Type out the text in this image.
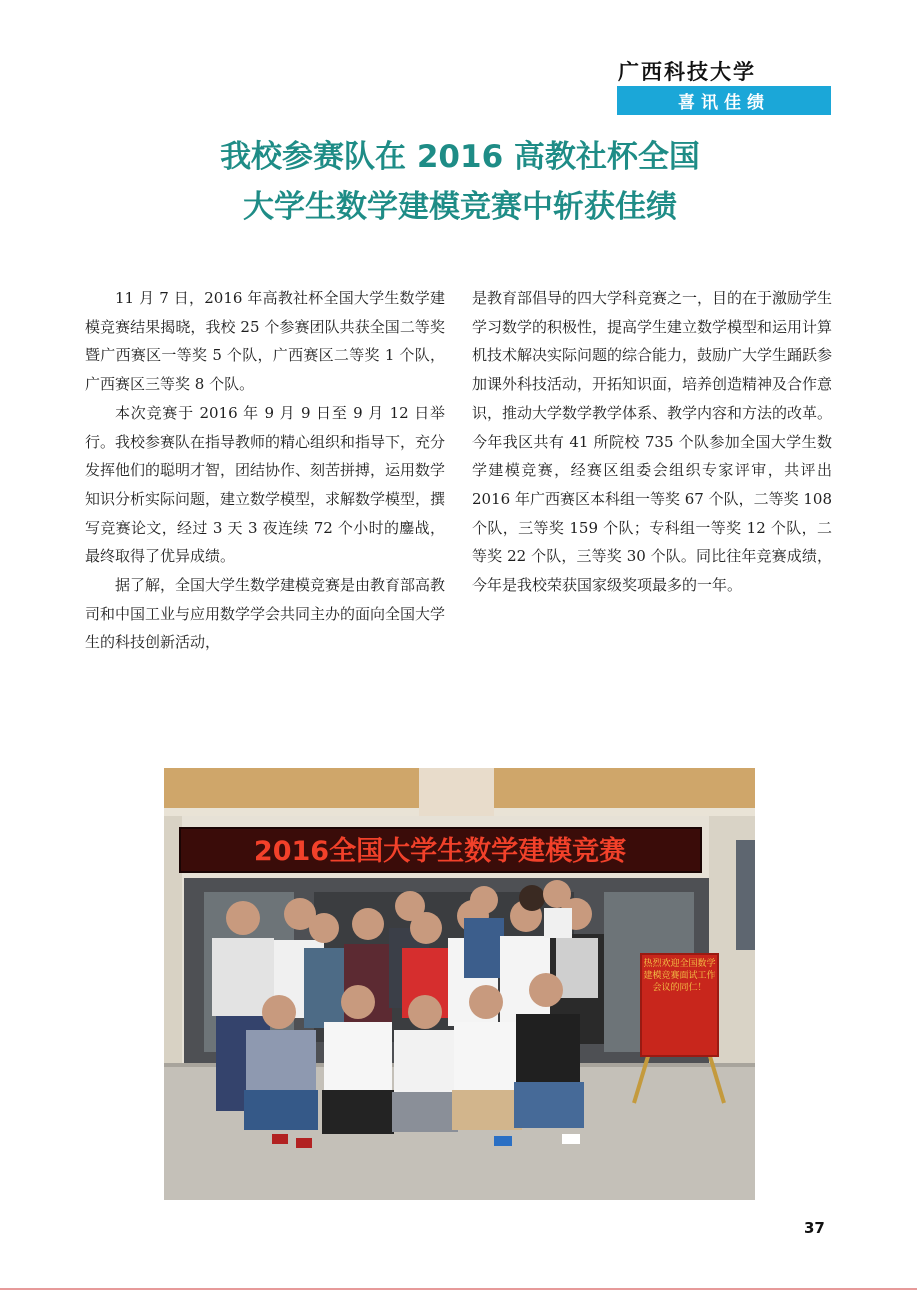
广西科技大学
喜讯佳绩
我校参赛队在 2016 高教社杯全国
大学生数学建模竞赛中斩获佳绩

11 月 7 日，2016 年高教社杯全国大学生数学建模竞赛结果揭晓，我校 25 个参赛团队共获全国二等奖暨广西赛区一等奖 5 个队，广西赛区二等奖 1 个队，广西赛区三等奖 8 个队。

本次竞赛于 2016 年 9 月 9 日至 9 月 12 日举行。我校参赛队在指导教师的精心组织和指导下，充分发挥他们的聪明才智，团结协作、刻苦拼搏，运用数学知识分析实际问题，建立数学模型，求解数学模型，撰写竞赛论文，经过 3 天 3 夜连续 72 个小时的鏖战，最终取得了优异成绩。

据了解，全国大学生数学建模竞赛是由教育部高教司和中国工业与应用数学学会共同主办的面向全国大学生的科技创新活动，

是教育部倡导的四大学科竞赛之一，目的在于激励学生学习数学的积极性，提高学生建立数学模型和运用计算机技术解决实际问题的综合能力，鼓励广大学生踊跃参加课外科技活动，开拓知识面，培养创造精神及合作意识，推动大学数学教学体系、教学内容和方法的改革。今年我区共有 41 所院校 735 个队参加全国大学生数学建模竞赛，经赛区组委会组织专家评审，共评出 2016 年广西赛区本科组一等奖 67 个队，二等奖 108 个队，三等奖 159 个队；专科组一等奖 12 个队，二等奖 22 个队，三等奖 30 个队。同比往年竞赛成绩，今年是我校荣获国家级奖项最多的一年。

2016全国大学生数学建模竞赛
热烈欢迎全国数学建模竞赛面试工作会议的同仁！
37
